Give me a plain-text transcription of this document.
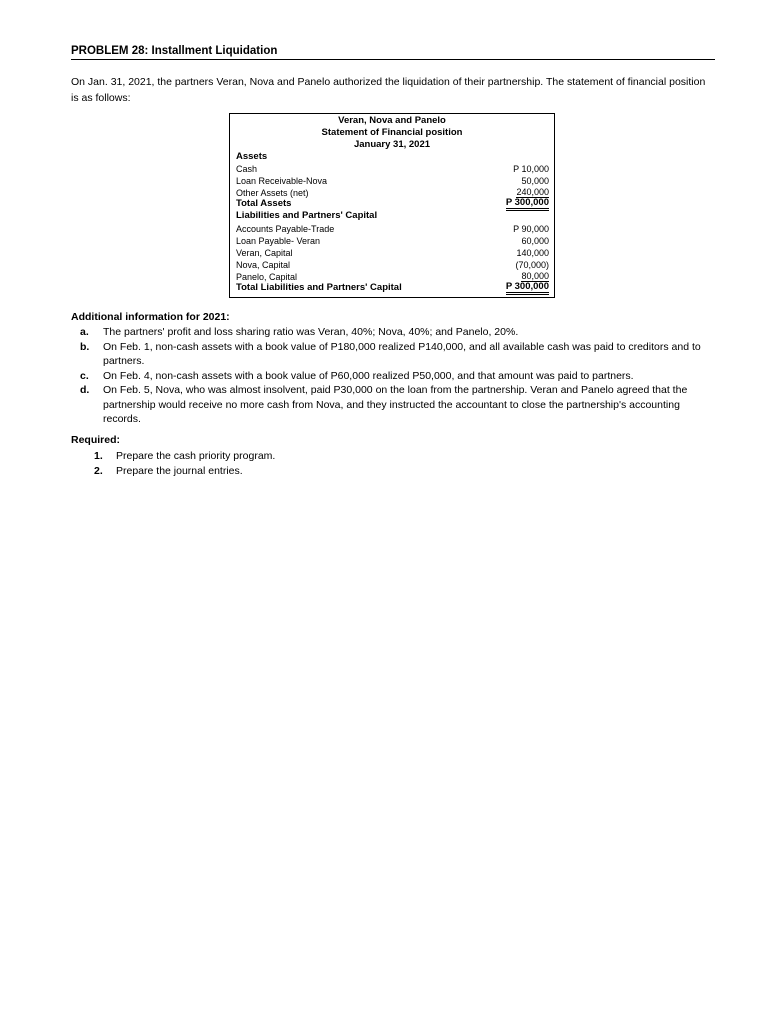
PROBLEM 28: Installment Liquidation
On Jan. 31, 2021, the partners Veran, Nova and Panelo authorized the liquidation of their partnership. The statement of financial position is as follows:
Veran, Nova and Panelo
Statement of Financial position
January 31, 2021
Assets
Cash	P 10,000
Loan Receivable-Nova	50,000
Other Assets (net)	240,000
Total Assets	P 300,000
Liabilities and Partners' Capital
Accounts Payable-Trade	P 90,000
Loan Payable- Veran	60,000
Veran, Capital	140,000
Nova, Capital	(70,000)
Panelo, Capital	80,000
Total Liabilities and Partners' Capital	P 300,000
Additional information for 2021:
a. The partners' profit and loss sharing ratio was Veran, 40%; Nova, 40%; and Panelo, 20%.
b. On Feb. 1, non-cash assets with a book value of P180,000 realized P140,000, and all available cash was paid to creditors and to partners.
c. On Feb. 4, non-cash assets with a book value of P60,000 realized P50,000, and that amount was paid to partners.
d. On Feb. 5, Nova, who was almost insolvent, paid P30,000 on the loan from the partnership. Veran and Panelo agreed that the partnership would receive no more cash from Nova, and they instructed the accountant to close the partnership's accounting records.
Required:
1. Prepare the cash priority program.
2. Prepare the journal entries.
